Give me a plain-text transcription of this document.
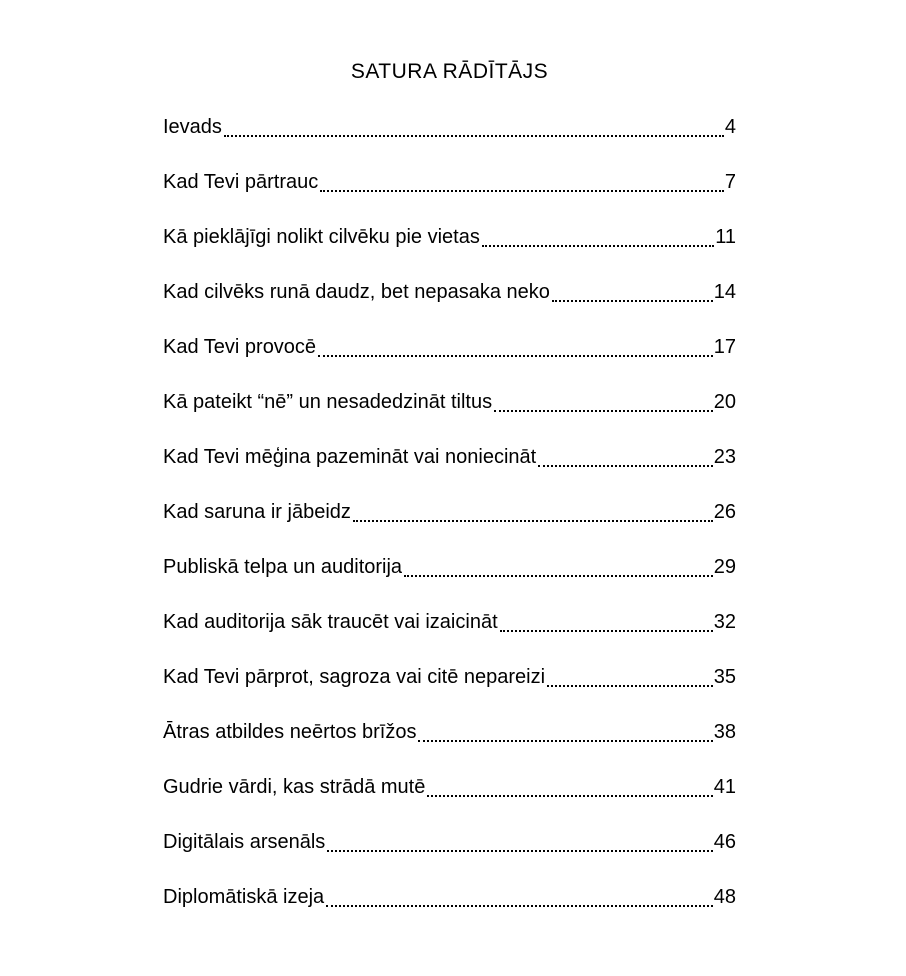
SATURA RĀDĪTĀJS
Ievads	4
Kad Tevi pārtrauc	7
Kā pieklājīgi nolikt cilvēku pie vietas	11
Kad cilvēks runā daudz, bet nepasaka neko	14
Kad Tevi provocē	17
Kā pateikt “nē” un nesadedzināt tiltus	20
Kad Tevi mēģina pazemināt vai noniecināt	23
Kad saruna ir jābeidz	26
Publiskā telpa un auditorija	29
Kad auditorija sāk traucēt vai izaicināt	32
Kad Tevi pārprot, sagroza vai citē nepareizi	35
Ātras atbildes neērtos brīžos	38
Gudrie vārdi, kas strādā mutē	41
Digitālais arsenāls	46
Diplomātiskā izeja	48
